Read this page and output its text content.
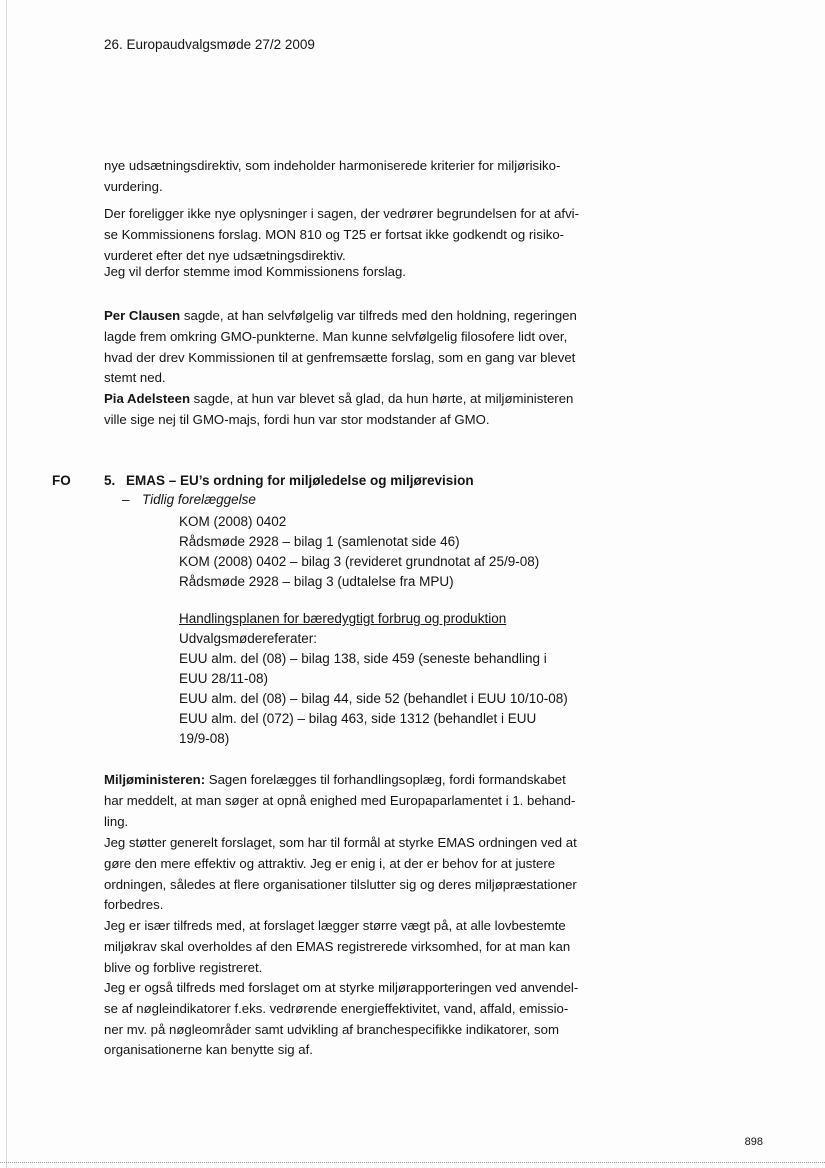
26. Europaudvalgsmøde 27/2 2009
nye udsætningsdirektiv, som indeholder harmoniserede kriterier for miljørisiko-
vurdering.
Der foreligger ikke nye oplysninger i sagen, der vedrører begrundelsen for at afvi-
se Kommissionens forslag. MON 810 og T25 er fortsat ikke godkendt og risiko-
vurderet efter det nye udsætningsdirektiv.
Jeg vil derfor stemme imod Kommissionens forslag.
Per Clausen sagde, at han selvfølgelig var tilfreds med den holdning, regeringen
lagde frem omkring GMO-punkterne. Man kunne selvfølgelig filosofere lidt over,
hvad der drev Kommissionen til at genfremsætte forslag, som en gang var blevet
stemt ned.
Pia Adelsteen sagde, at hun var blevet så glad, da hun hørte, at miljøministeren
ville sige nej til GMO-majs, fordi hun var stor modstander af GMO.
FO 5. EMAS – EU’s ordning for miljøledelse og miljørevision
– Tidlig forelæggelse
KOM (2008) 0402
Rådsmøde 2928 – bilag 1 (samlenotat side 46)
KOM (2008) 0402 – bilag 3 (revideret grundnotat af 25/9-08)
Rådsmøde 2928 – bilag 3 (udtalelse fra MPU)
Handlingsplanen for bæredygtigt forbrug og produktion
Udvalgsmødereferater:
EUU alm. del (08) – bilag 138, side 459 (seneste behandling i
EUU 28/11-08)
EUU alm. del (08) – bilag 44, side 52 (behandlet i EUU 10/10-08)
EUU alm. del (072) – bilag 463, side 1312 (behandlet i EUU
19/9-08)
Miljøministeren: Sagen forelægges til forhandlingsoplæg, fordi formandskabet
har meddelt, at man søger at opnå enighed med Europaparlamentet i 1. behand-
ling.
Jeg støtter generelt forslaget, som har til formål at styrke EMAS ordningen ved at
gøre den mere effektiv og attraktiv. Jeg er enig i, at der er behov for at justere
ordningen, således at flere organisationer tilslutter sig og deres miljøpræstationer
forbedres.
Jeg er især tilfreds med, at forslaget lægger større vægt på, at alle lovbestemte
miljøkrav skal overholdes af den EMAS registrerede virksomhed, for at man kan
blive og forblive registreret.
Jeg er også tilfreds med forslaget om at styrke miljørapporteringen ved anvendel-
se af nøgleindikatorer f.eks. vedrørende energieffektivitet, vand, affald, emissio-
ner mv. på nøgleområder samt udvikling af branchespecifikke indikatorer, som
organisationerne kan benytte sig af.
898
